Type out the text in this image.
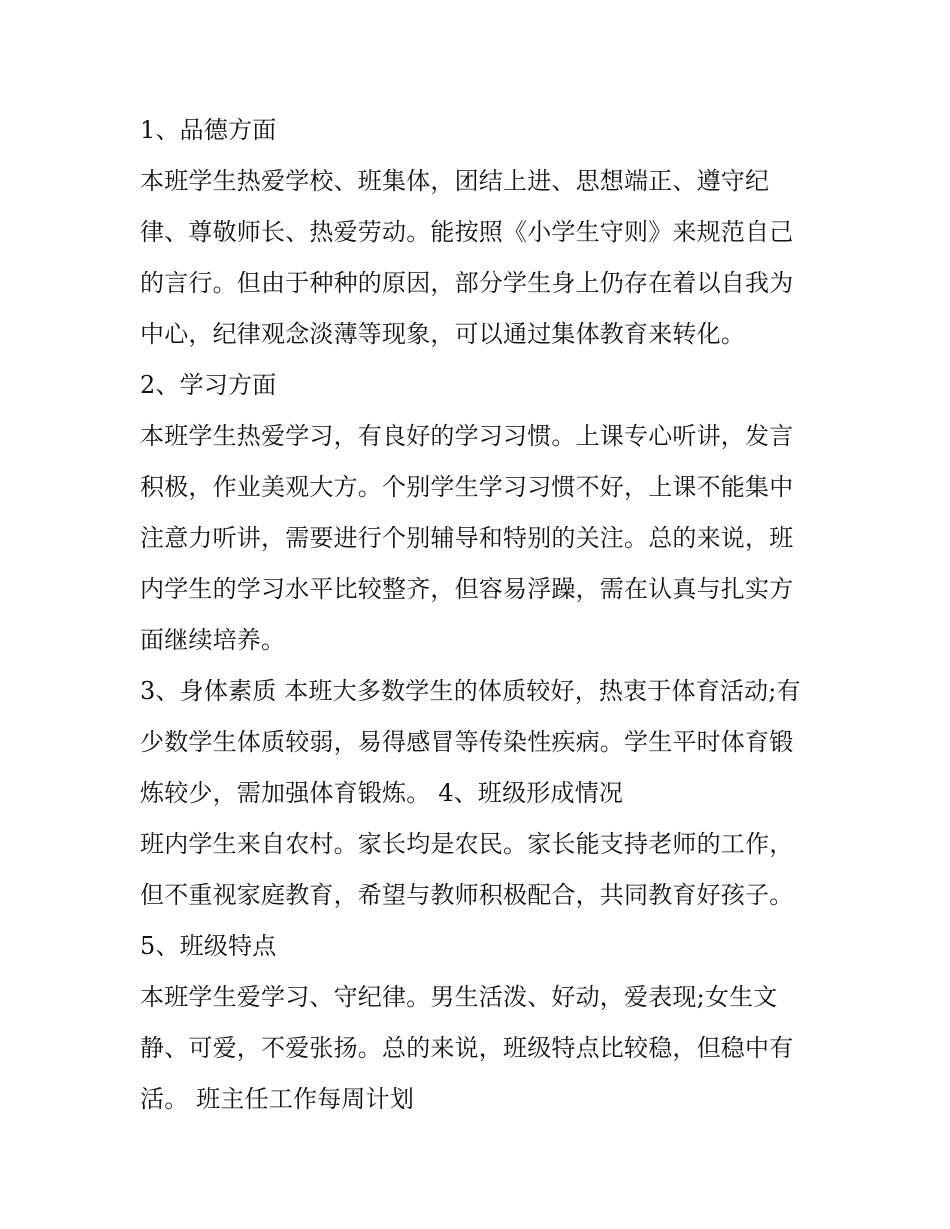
1、品德方面
本班学生热爱学校、班集体，团结上进、思想端正、遵守纪
律、尊敬师长、热爱劳动。能按照《小学生守则》来规范自己
的言行。但由于种种的原因，部分学生身上仍存在着以自我为
中心，纪律观念淡薄等现象，可以通过集体教育来转化。
2、学习方面
本班学生热爱学习，有良好的学习习惯。上课专心听讲，发言
积极，作业美观大方。个别学生学习习惯不好，上课不能集中
注意力听讲，需要进行个别辅导和特别的关注。总的来说，班
内学生的学习水平比较整齐，但容易浮躁，需在认真与扎实方
面继续培养。
3、身体素质 本班大多数学生的体质较好，热衷于体育活动;有
少数学生体质较弱，易得感冒等传染性疾病。学生平时体育锻
炼较少，需加强体育锻炼。 4、班级形成情况
班内学生来自农村。家长均是农民。家长能支持老师的工作，
但不重视家庭教育，希望与教师积极配合，共同教育好孩子。
5、班级特点
本班学生爱学习、守纪律。男生活泼、好动，爱表现;女生文
静、可爱，不爱张扬。总的来说，班级特点比较稳，但稳中有
活。 班主任工作每周计划
